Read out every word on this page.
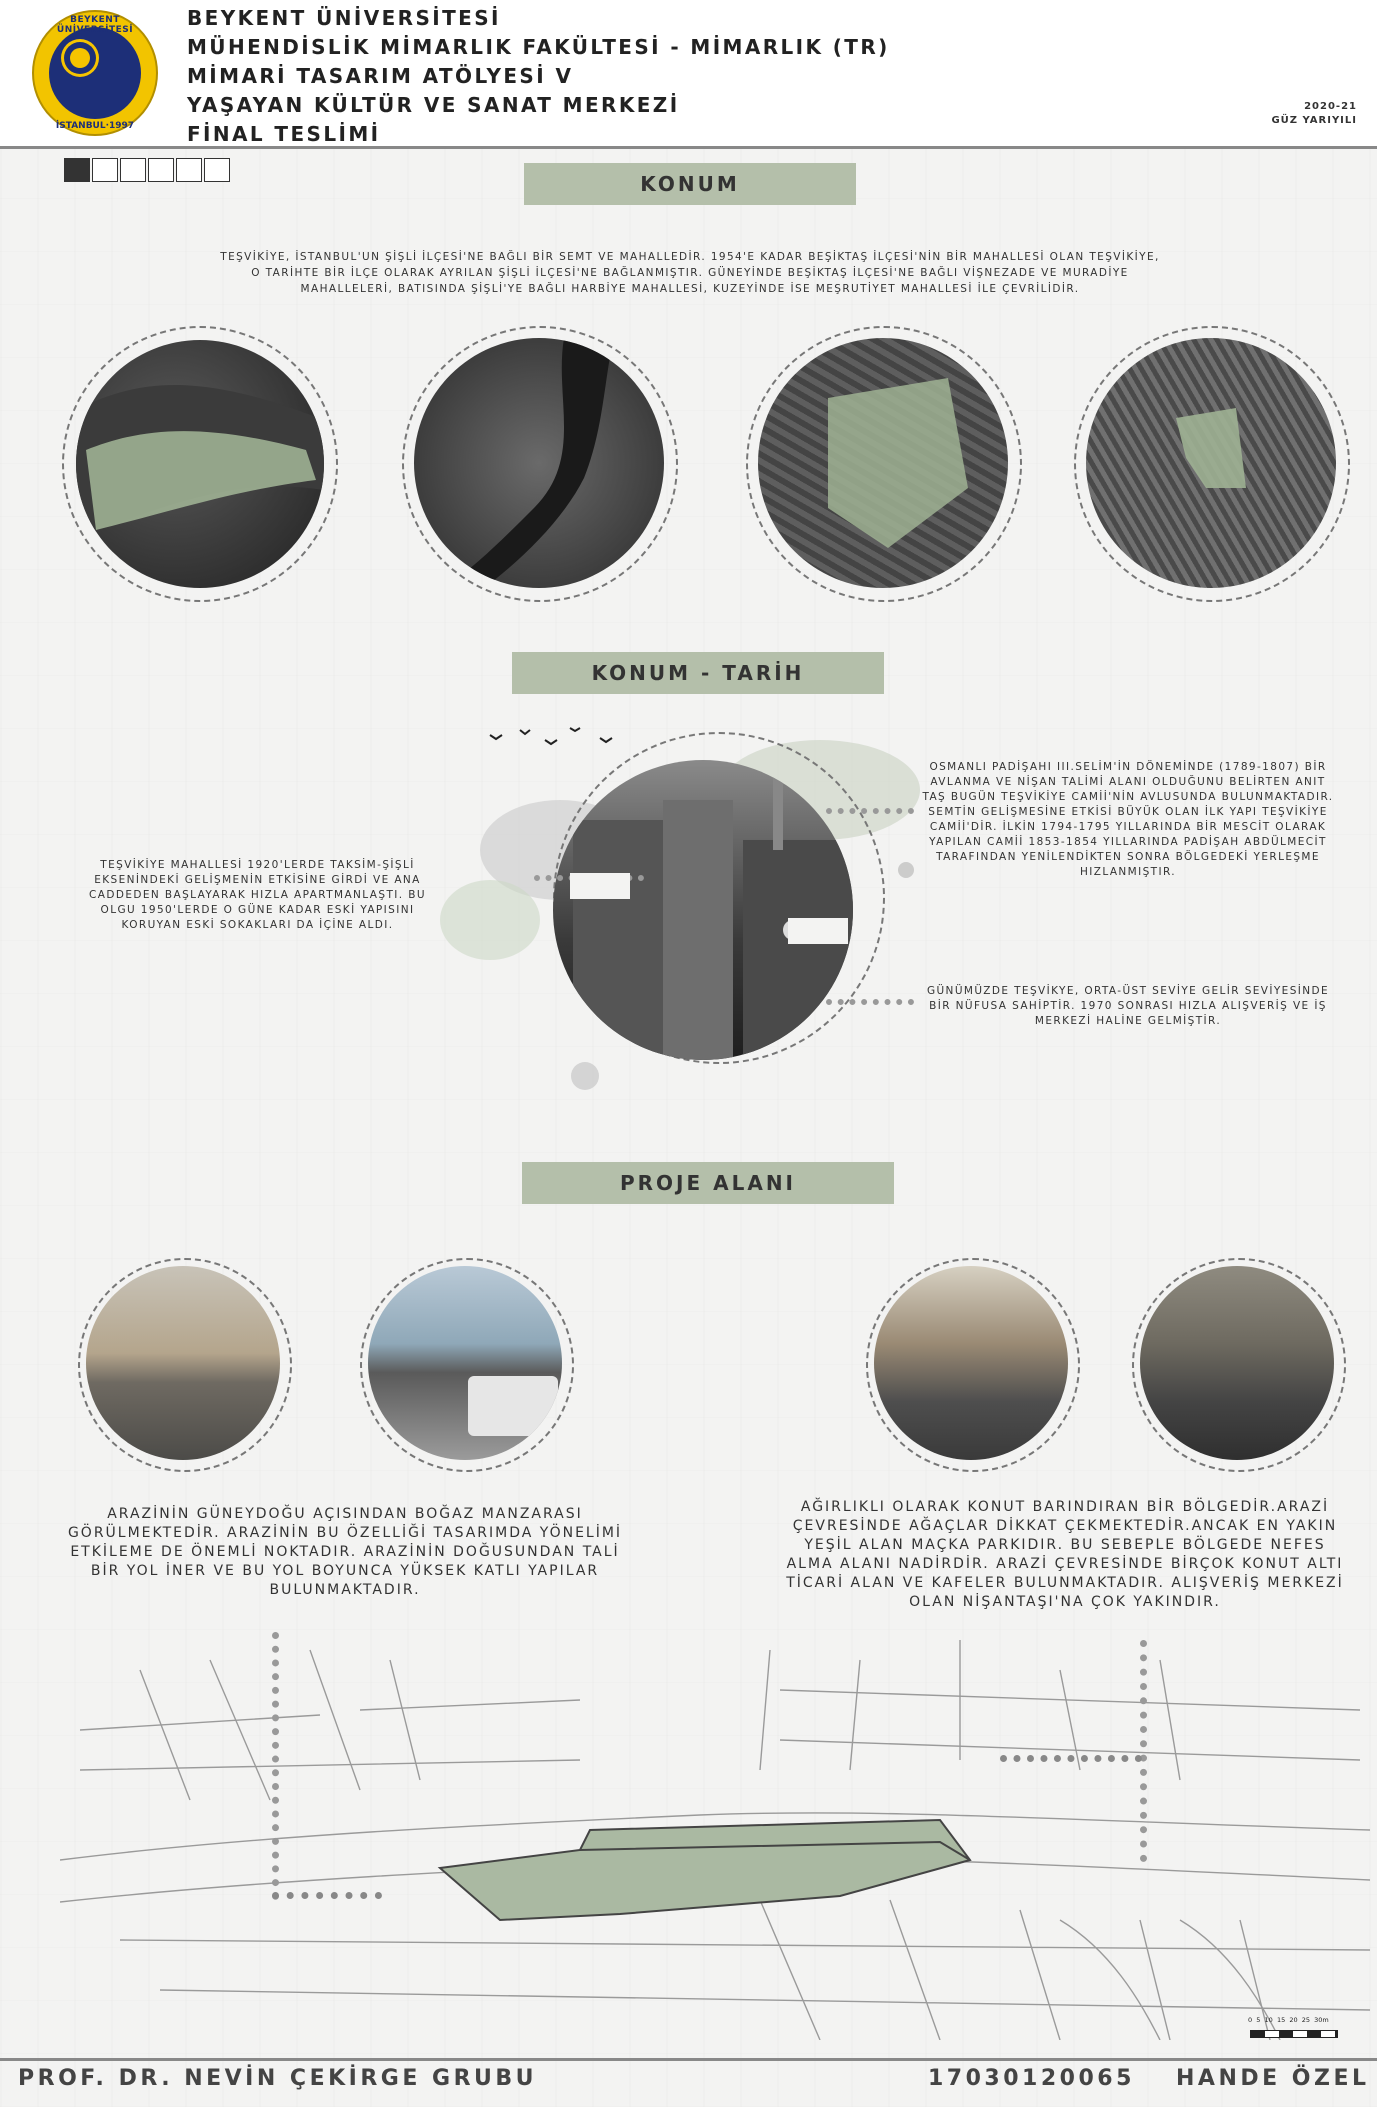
BEYKENT ÜNİVERSİTESİ
İSTANBUL·1997
BEYKENT ÜNİVERSİTESİ
MÜHENDİSLİK MİMARLIK FAKÜLTESİ - MİMARLIK (TR)
MİMARİ TASARIM ATÖLYESİ V
YAŞAYAN KÜLTÜR VE SANAT MERKEZİ
FİNAL TESLİMİ
2020-21
GÜZ YARIYILI
KONUM
TEŞVİKİYE, İSTANBUL'UN ŞİŞLİ İLÇESİ'NE BAĞLI BİR SEMT VE MAHALLEDİR. 1954'E KADAR BEŞİKTAŞ İLÇESİ'NİN BİR MAHALLESİ OLAN TEŞVİKİYE, O TARİHTE BİR İLÇE OLARAK AYRILAN ŞİŞLİ İLÇESİ'NE BAĞLANMIŞTIR. GÜNEYİNDE BEŞİKTAŞ İLÇESİ'NE BAĞLI VİŞNEZADE VE MURADİYE MAHALLELERİ, BATISINDA ŞİŞLİ'YE BAĞLI HARBİYE MAHALLESİ, KUZEYİNDE İSE MEŞRUTİYET MAHALLESİ İLE ÇEVRİLİDİR.
KONUM - TARİH
TEŞVİKİYE MAHALLESİ 1920'LERDE TAKSİM-ŞİŞLİ EKSENİNDEKİ GELİŞMENİN ETKİSİNE GİRDİ VE ANA CADDEDEN BAŞLAYARAK HIZLA APARTMANLAŞTI. BU OLGU 1950'LERDE O GÜNE KADAR ESKİ YAPISINI KORUYAN ESKİ SOKAKLARI DA İÇİNE ALDI.
OSMANLI PADİŞAHI III.SELİM'İN DÖNEMİNDE (1789-1807) BİR AVLANMA VE NİŞAN TALİMİ ALANI OLDUĞUNU BELİRTEN ANIT TAŞ BUGÜN TEŞVİKİYE CAMİİ'NİN AVLUSUNDA BULUNMAKTADIR. SEMTİN GELİŞMESİNE ETKİSİ BÜYÜK OLAN İLK YAPI TEŞVİKİYE CAMİİ'DİR. İLKİN 1794-1795 YILLARINDA BİR MESCİT OLARAK YAPILAN CAMİİ 1853-1854 YILLARINDA PADİŞAH ABDÜLMECİT TARAFINDAN YENİLENDİKTEN SONRA BÖLGEDEKİ YERLEŞME HIZLANMIŞTIR.
GÜNÜMÜZDE TEŞVİKYE, ORTA-ÜST SEVİYE GELİR SEVİYESİNDE BİR NÜFUSA SAHİPTİR. 1970 SONRASI HIZLA ALIŞVERİŞ VE İŞ MERKEZİ HALİNE GELMİŞTİR.
PROJE ALANI
ARAZİNİN GÜNEYDOĞU AÇISINDAN BOĞAZ MANZARASI GÖRÜLMEKTEDİR. ARAZİNİN BU ÖZELLİĞİ TASARIMDA YÖNELİMİ ETKİLEME DE ÖNEMLİ NOKTADIR. ARAZİNİN DOĞUSUNDAN TALİ BİR YOL İNER VE BU YOL BOYUNCA YÜKSEK KATLI YAPILAR BULUNMAKTADIR.
AĞIRLIKLI OLARAK KONUT BARINDIRAN BİR BÖLGEDİR.ARAZİ ÇEVRESİNDE AĞAÇLAR DİKKAT ÇEKMEKTEDİR.ANCAK EN YAKIN YEŞİL ALAN MAÇKA PARKIDIR. BU SEBEPLE BÖLGEDE NEFES ALMA ALANI NADİRDİR. ARAZİ ÇEVRESİNDE BİRÇOK KONUT ALTI TİCARİ ALAN VE KAFELER BULUNMAKTADIR. ALIŞVERİŞ MERKEZİ OLAN NİŞANTAŞI'NA ÇOK YAKINDIR.
0  5  10  15  20  25  30m
PROF. DR. NEVİN ÇEKİRGE GRUBU	17030120065 HANDE ÖZEL
